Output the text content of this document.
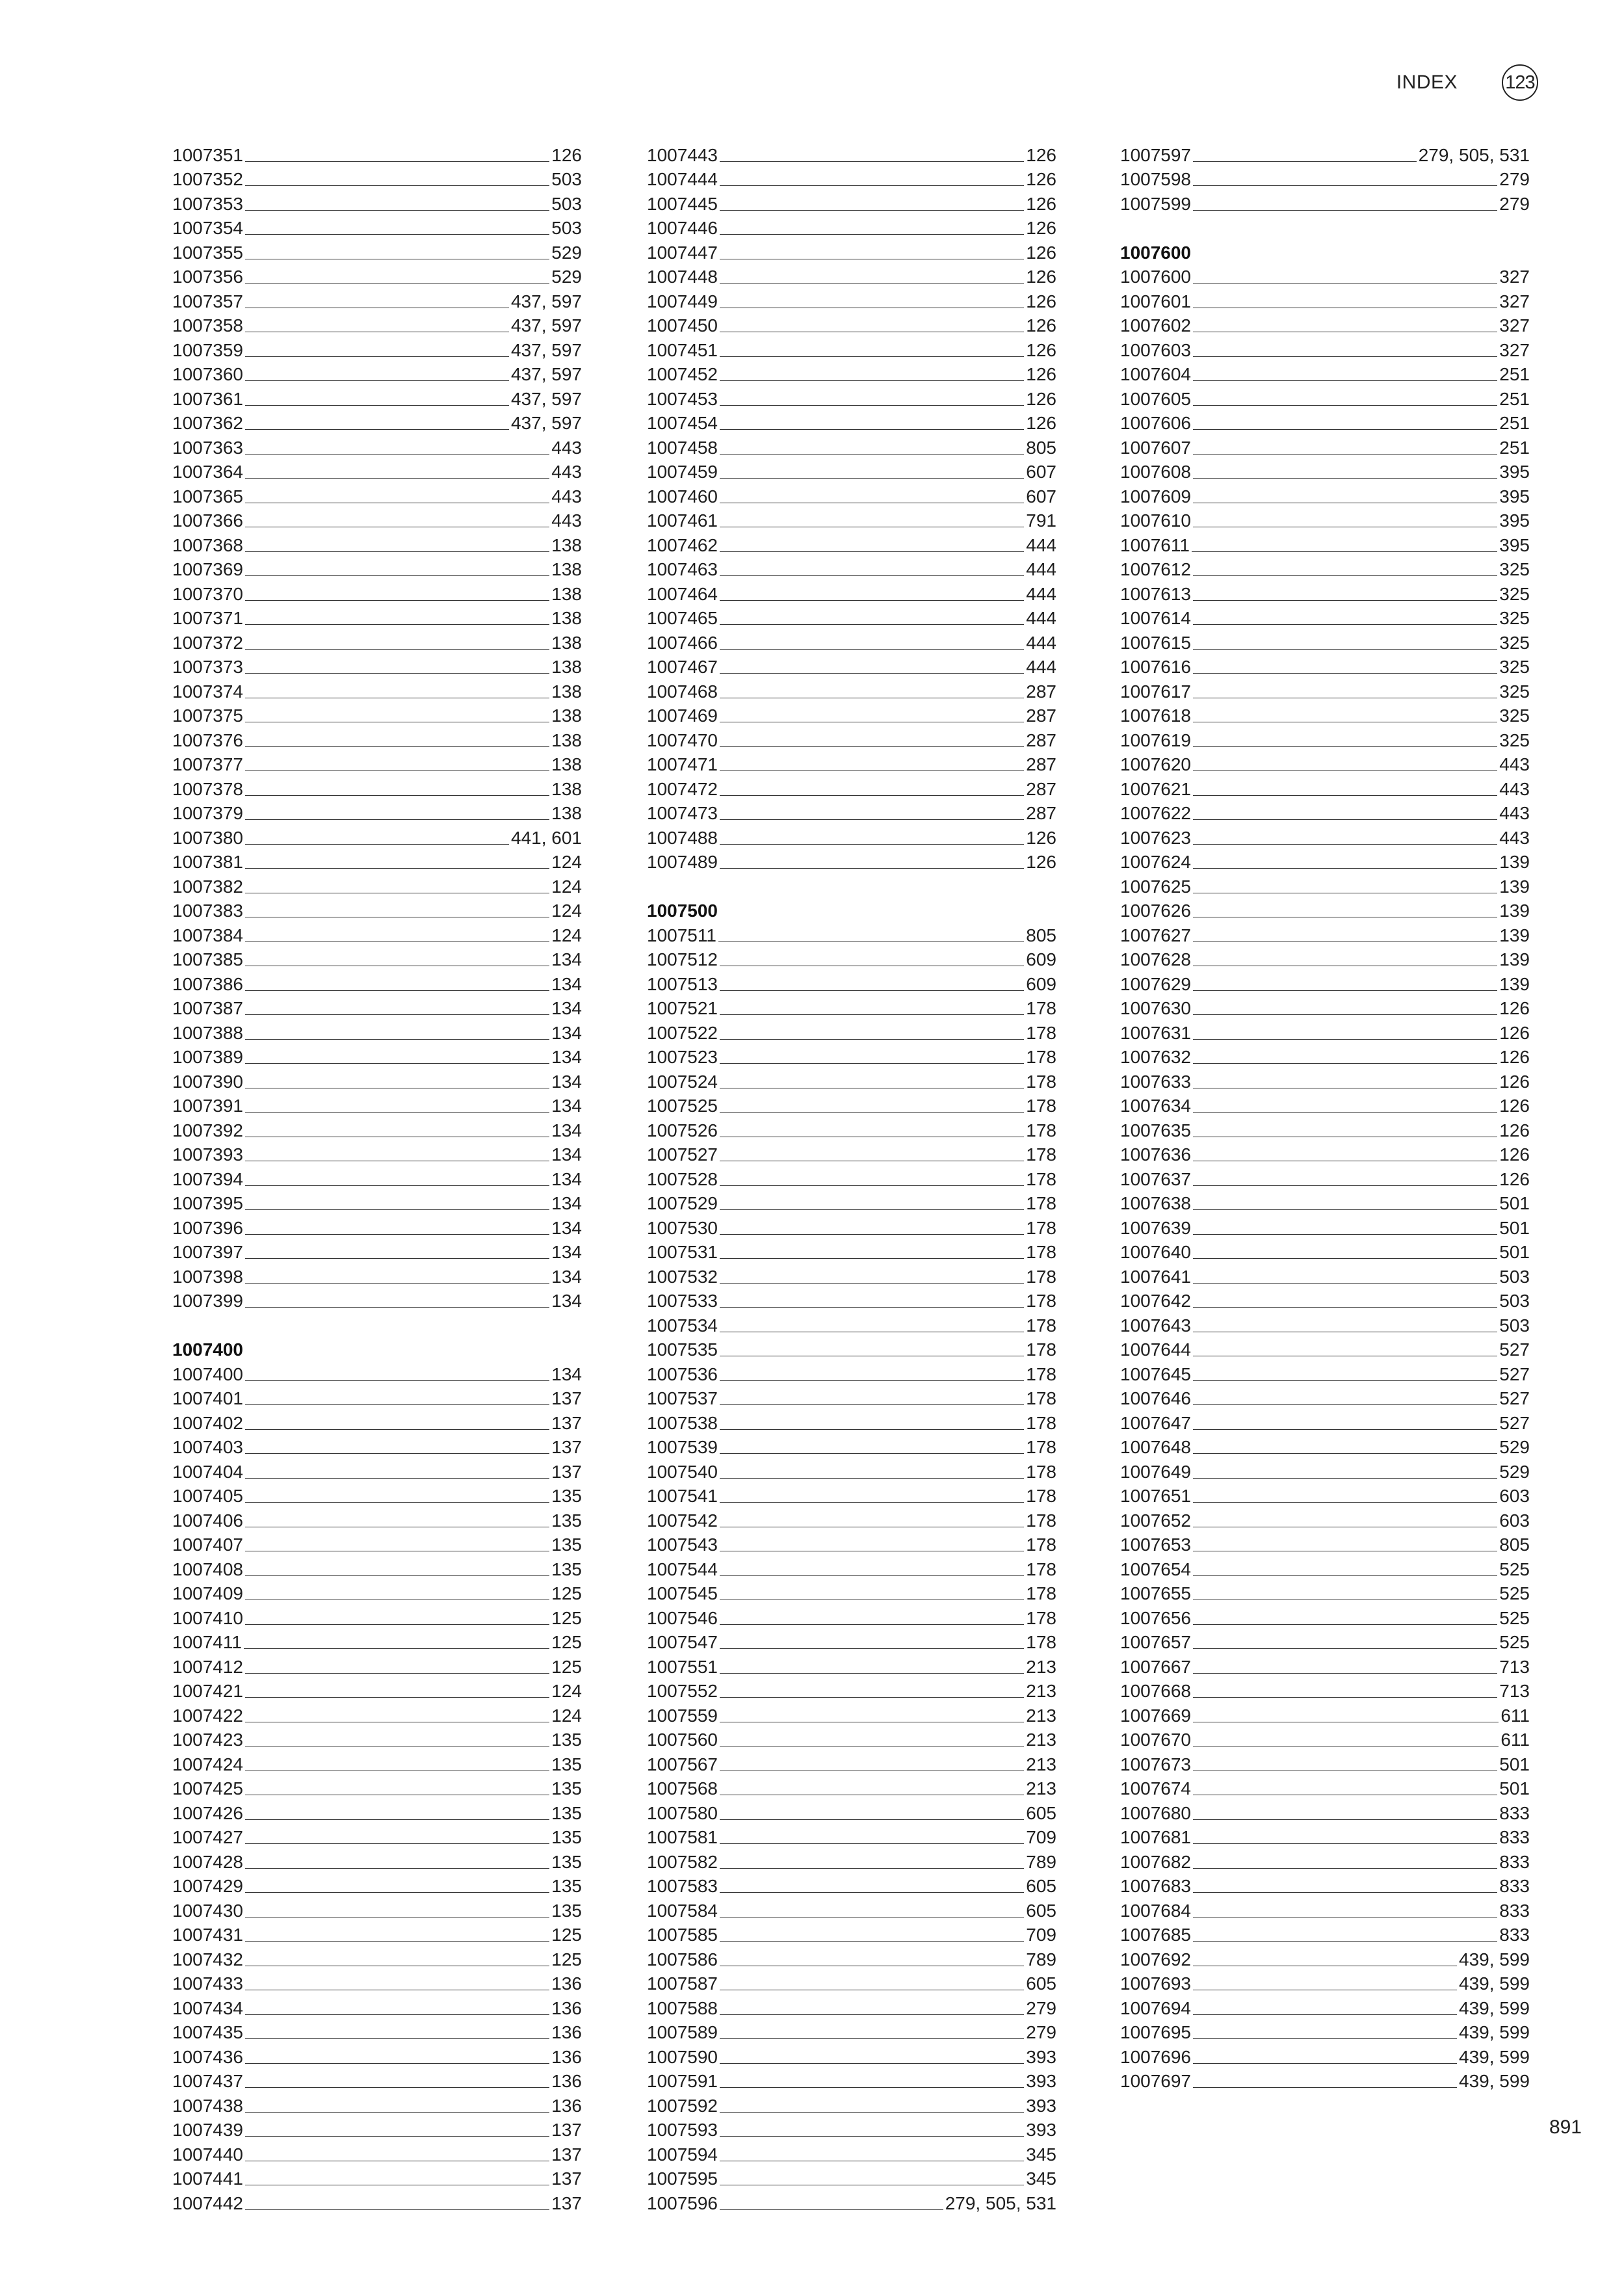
INDEX	123
1007351	126
1007352	503
1007353	503
1007354	503
1007355	529
1007356	529
1007357	437, 597
1007358	437, 597
1007359	437, 597
1007360	437, 597
1007361	437, 597
1007362	437, 597
1007363	443
1007364	443
1007365	443
1007366	443
1007368	138
1007369	138
1007370	138
1007371	138
1007372	138
1007373	138
1007374	138
1007375	138
1007376	138
1007377	138
1007378	138
1007379	138
1007380	441, 601
1007381	124
1007382	124
1007383	124
1007384	124
1007385	134
1007386	134
1007387	134
1007388	134
1007389	134
1007390	134
1007391	134
1007392	134
1007393	134
1007394	134
1007395	134
1007396	134
1007397	134
1007398	134
1007399	134
1007400
1007400	134
1007401	137
1007402	137
1007403	137
1007404	137
1007405	135
1007406	135
1007407	135
1007408	135
1007409	125
1007410	125
1007411	125
1007412	125
1007421	124
1007422	124
1007423	135
1007424	135
1007425	135
1007426	135
1007427	135
1007428	135
1007429	135
1007430	135
1007431	125
1007432	125
1007433	136
1007434	136
1007435	136
1007436	136
1007437	136
1007438	136
1007439	137
1007440	137
1007441	137
1007442	137
1007443	126
1007444	126
1007445	126
1007446	126
1007447	126
1007448	126
1007449	126
1007450	126
1007451	126
1007452	126
1007453	126
1007454	126
1007458	805
1007459	607
1007460	607
1007461	791
1007462	444
1007463	444
1007464	444
1007465	444
1007466	444
1007467	444
1007468	287
1007469	287
1007470	287
1007471	287
1007472	287
1007473	287
1007488	126
1007489	126
1007500
1007511	805
1007512	609
1007513	609
1007521	178
1007522	178
1007523	178
1007524	178
1007525	178
1007526	178
1007527	178
1007528	178
1007529	178
1007530	178
1007531	178
1007532	178
1007533	178
1007534	178
1007535	178
1007536	178
1007537	178
1007538	178
1007539	178
1007540	178
1007541	178
1007542	178
1007543	178
1007544	178
1007545	178
1007546	178
1007547	178
1007551	213
1007552	213
1007559	213
1007560	213
1007567	213
1007568	213
1007580	605
1007581	709
1007582	789
1007583	605
1007584	605
1007585	709
1007586	789
1007587	605
1007588	279
1007589	279
1007590	393
1007591	393
1007592	393
1007593	393
1007594	345
1007595	345
1007596	279, 505, 531
1007597	279, 505, 531
1007598	279
1007599	279
1007600
1007600	327
1007601	327
1007602	327
1007603	327
1007604	251
1007605	251
1007606	251
1007607	251
1007608	395
1007609	395
1007610	395
1007611	395
1007612	325
1007613	325
1007614	325
1007615	325
1007616	325
1007617	325
1007618	325
1007619	325
1007620	443
1007621	443
1007622	443
1007623	443
1007624	139
1007625	139
1007626	139
1007627	139
1007628	139
1007629	139
1007630	126
1007631	126
1007632	126
1007633	126
1007634	126
1007635	126
1007636	126
1007637	126
1007638	501
1007639	501
1007640	501
1007641	503
1007642	503
1007643	503
1007644	527
1007645	527
1007646	527
1007647	527
1007648	529
1007649	529
1007651	603
1007652	603
1007653	805
1007654	525
1007655	525
1007656	525
1007657	525
1007667	713
1007668	713
1007669	611
1007670	611
1007673	501
1007674	501
1007680	833
1007681	833
1007682	833
1007683	833
1007684	833
1007685	833
1007692	439, 599
1007693	439, 599
1007694	439, 599
1007695	439, 599
1007696	439, 599
1007697	439, 599
891
